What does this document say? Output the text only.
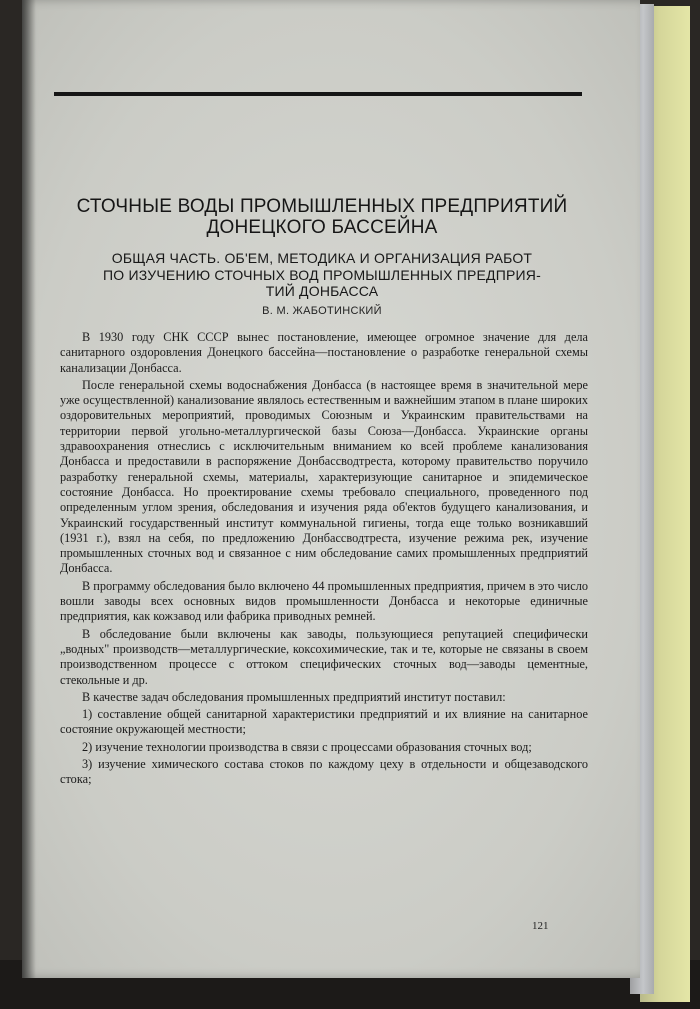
СТОЧНЫЕ ВОДЫ ПРОМЫШЛЕННЫХ ПРЕДПРИЯТИЙ
ДОНЕЦКОГО БАССЕЙНА
ОБЩАЯ ЧАСТЬ. ОБ'ЕМ, МЕТОДИКА И ОРГАНИЗАЦИЯ РАБОТ
ПО ИЗУЧЕНИЮ СТОЧНЫХ ВОД ПРОМЫШЛЕННЫХ ПРЕДПРИЯ-
ТИЙ ДОНБАССА
В. М. ЖАБОТИНСКИЙ

В 1930 году СНК СССР вынес постановление, имеющее огромное значение для дела санитарного оздоровления Донецкого бассейна—постановление о разработке генеральной схемы канализации Донбасса.

После генеральной схемы водоснабжения Донбасса (в настоящее время в значительной мере уже осуществленной) канализование являлось естественным и важнейшим этапом в плане широких оздоровительных мероприятий, проводимых Союзным и Украинским правительствами на территории первой угольно-металлургической базы Союза—Донбасса. Украинские органы здравоохранения отнеслись с исключительным вниманием ко всей проблеме канализования Донбасса и предоставили в распоряжение Донбассводтреста, которому правительство поручило разработку генеральной схемы, материалы, характеризующие санитарное и эпидемическое состояние Донбасса. Но проектирование схемы требовало специального, проведенного под определенным углом зрения, обследования и изучения ряда об'ектов будущего канализования, и Украинский государственный институт коммунальной гигиены, тогда еще только возникавший (1931 г.), взял на себя, по предложению Донбассводтреста, изучение режима рек, изучение промышленных сточных вод и связанное с ним обследование самих промышленных предприятий Донбасса.

В программу обследования было включено 44 промышленных предприятия, причем в это число вошли заводы всех основных видов промышленности Донбасса и некоторые единичные предприятия, как кожзавод или фабрика приводных ремней.

В обследование были включены как заводы, пользующиеся репутацией специфически „водных" производств—металлургические, коксохимические, так и те, которые не связаны в своем производственном процессе с оттоком специфических сточных вод—заводы цементные, стекольные и др.

В качестве задач обследования промышленных предприятий институт поставил:

1) составление общей санитарной характеристики предприятий и их влияние на санитарное состояние окружающей местности;

2) изучение технологии производства в связи с процессами образования сточных вод;

3) изучение химического состава стоков по каждому цеху в отдельности и общезаводского стока;

121
